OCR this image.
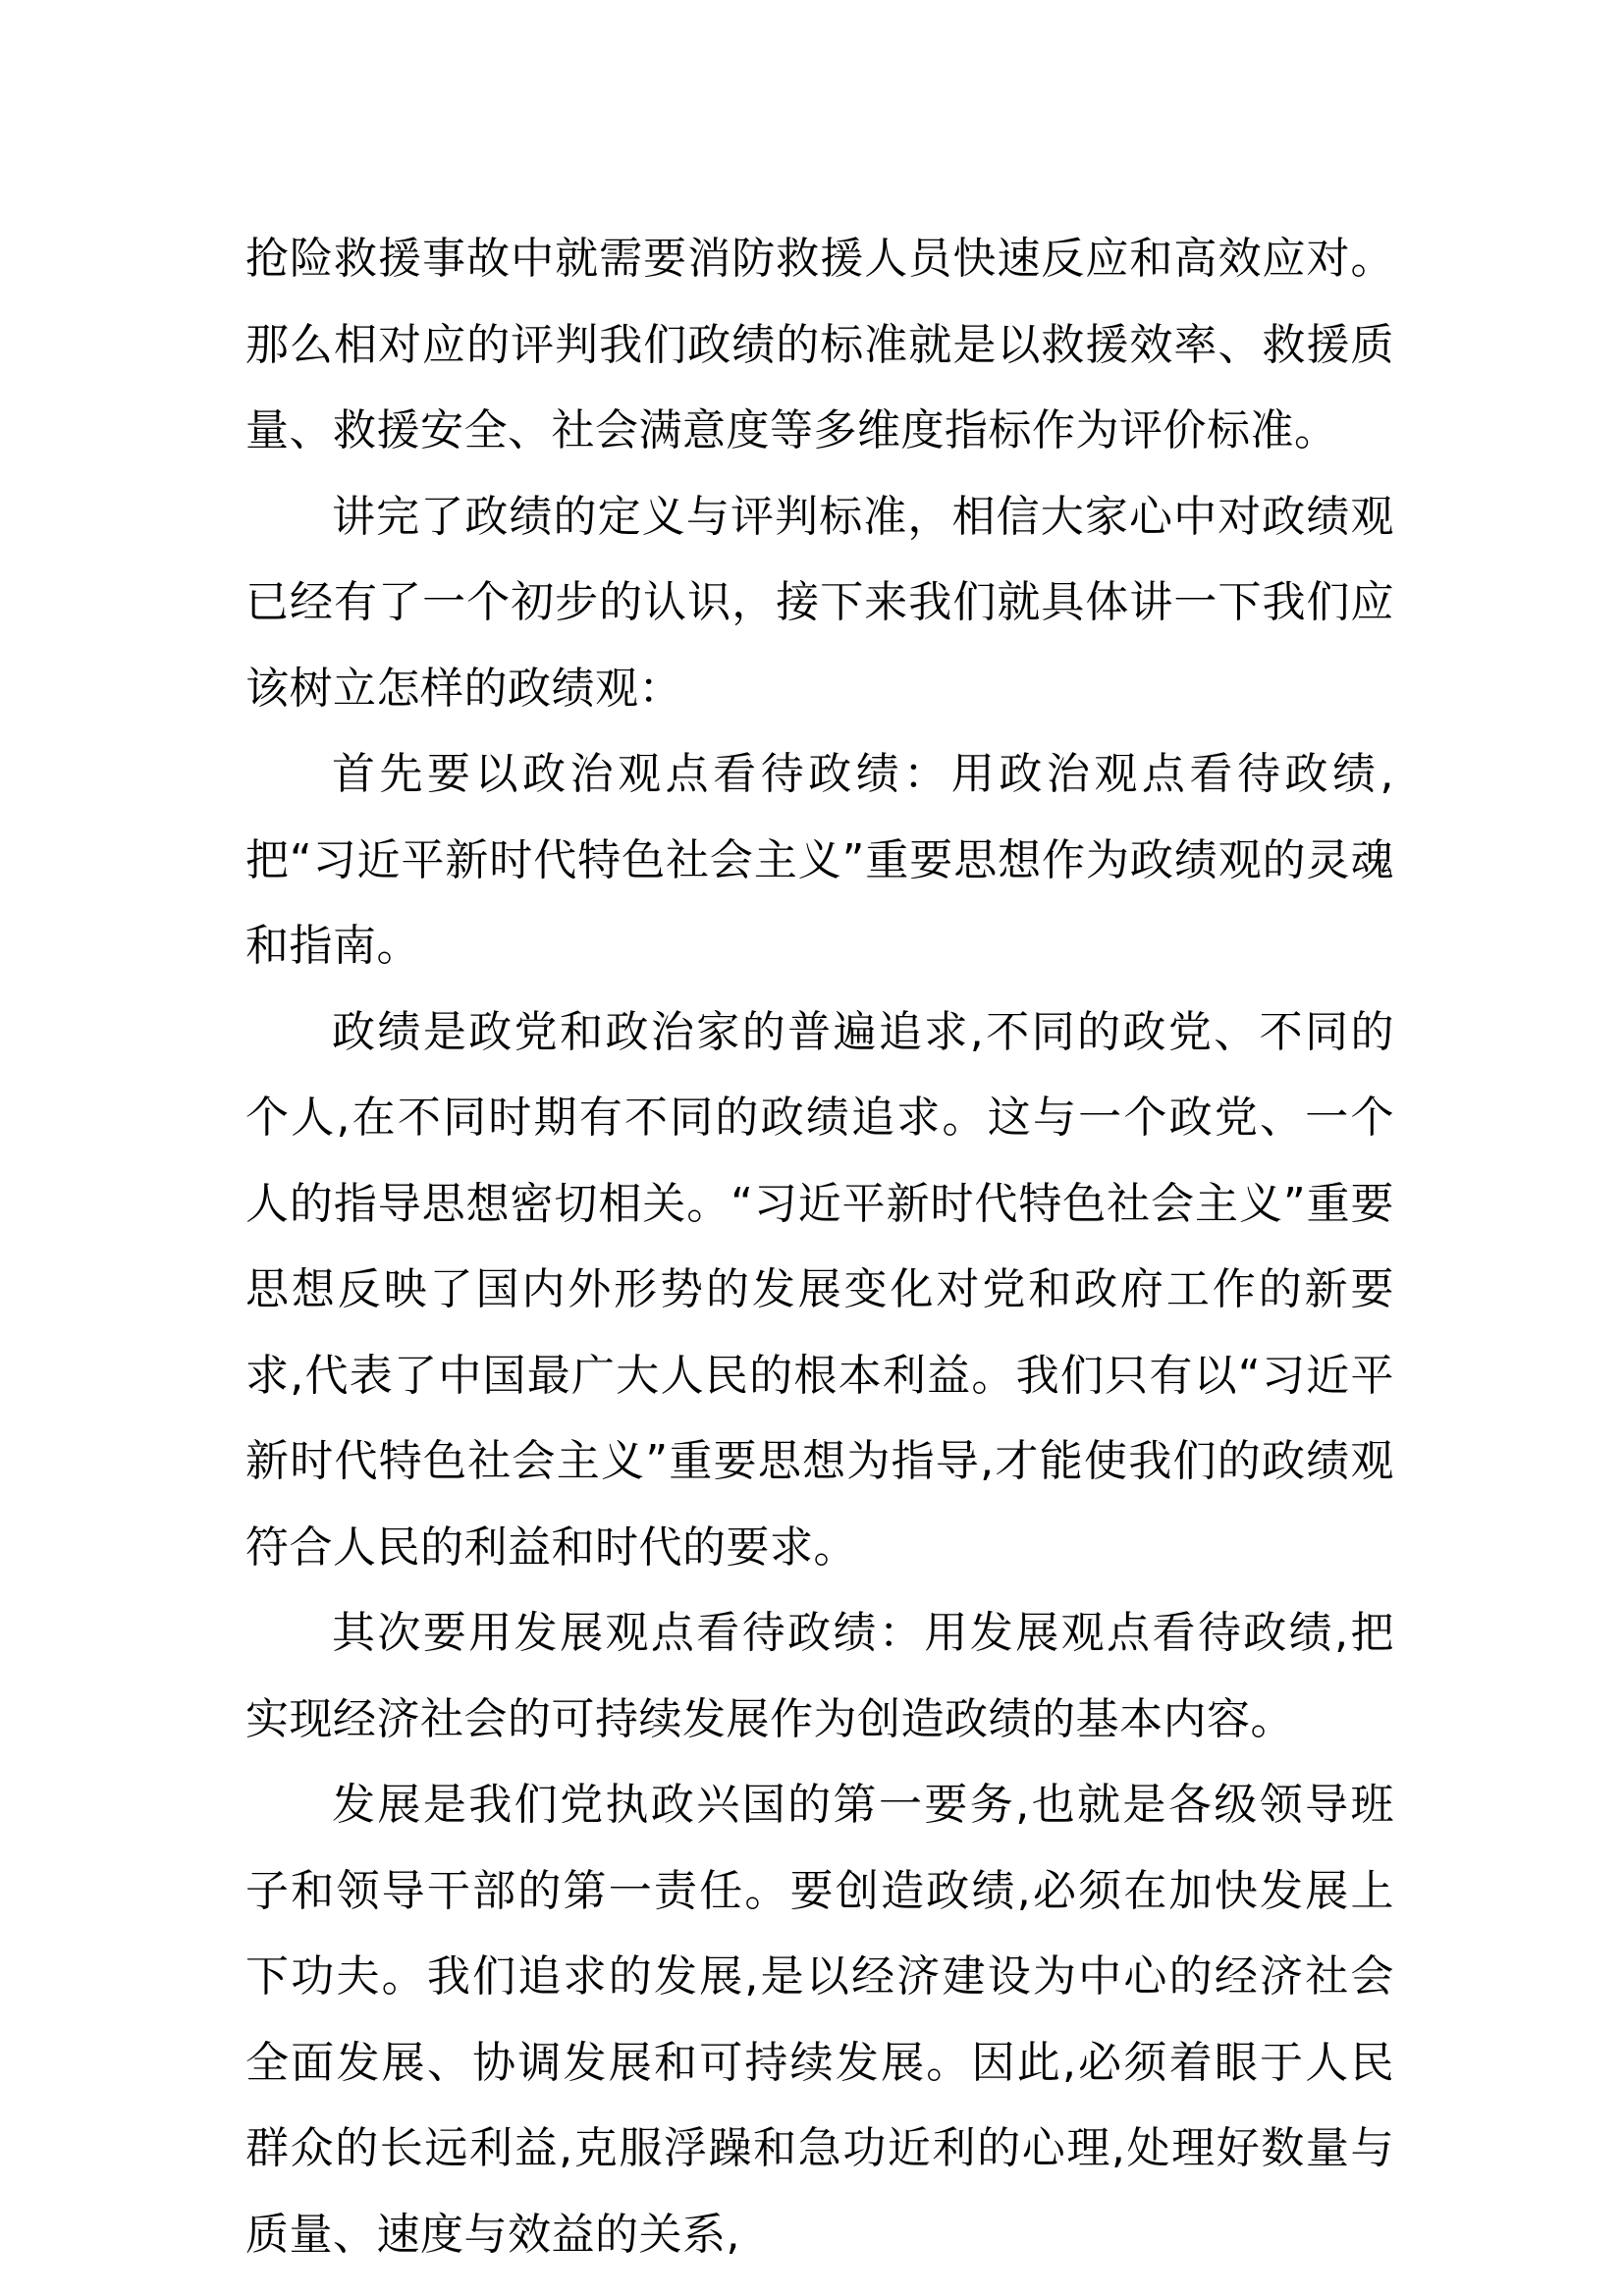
抢险救援事故中就需要消防救援人员快速反应和高效应对。那么相对应的评判我们政绩的标准就是以救援效率、救援质量、救援安全、社会满意度等多维度指标作为评价标准。

讲完了政绩的定义与评判标准，相信大家心中对政绩观已经有了一个初步的认识，接下来我们就具体讲一下我们应该树立怎样的政绩观：

首先要以政治观点看待政绩：用政治观点看待政绩,把“习近平新时代特色社会主义”重要思想作为政绩观的灵魂和指南。

政绩是政党和政治家的普遍追求,不同的政党、不同的个人,在不同时期有不同的政绩追求。这与一个政党、一个人的指导思想密切相关。“习近平新时代特色社会主义”重要思想反映了国内外形势的发展变化对党和政府工作的新要求,代表了中国最广大人民的根本利益。我们只有以“习近平新时代特色社会主义”重要思想为指导,才能使我们的政绩观符合人民的利益和时代的要求。

其次要用发展观点看待政绩：用发展观点看待政绩,把实现经济社会的可持续发展作为创造政绩的基本内容。

发展是我们党执政兴国的第一要务,也就是各级领导班子和领导干部的第一责任。要创造政绩,必须在加快发展上下功夫。我们追求的发展,是以经济建设为中心的经济社会全面发展、协调发展和可持续发展。因此,必须着眼于人民群众的长远利益,克服浮躁和急功近利的心理,处理好数量与质量、速度与效益的关系,
